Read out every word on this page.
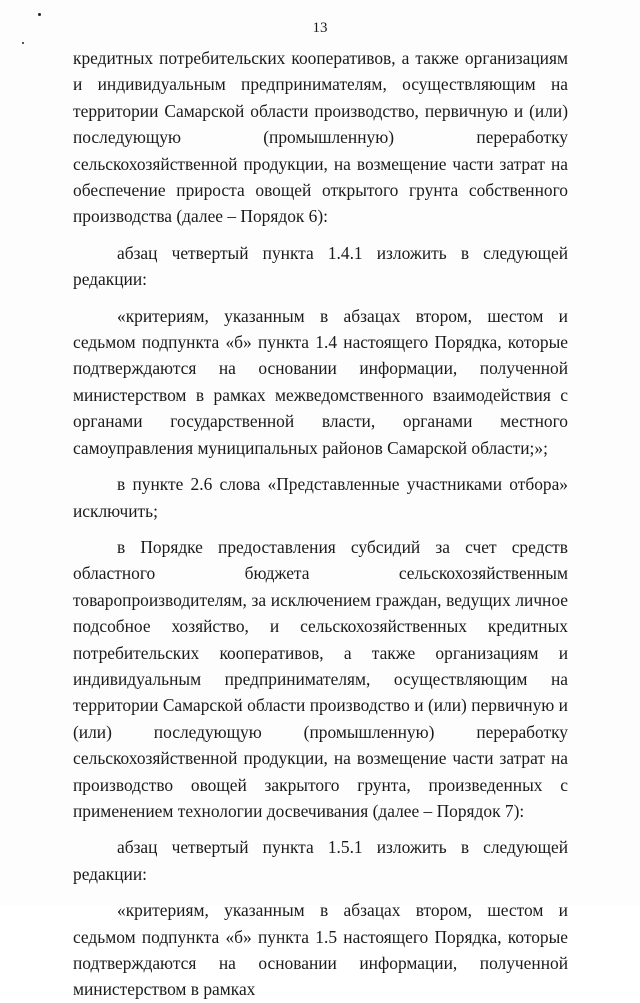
13

кредитных потребительских кооперативов, а также организациям и индивидуальным предпринимателям, осуществляющим на территории Самарской области производство, первичную и (или) последующую (промышленную) переработку сельскохозяйственной продукции, на возмещение части затрат на обеспечение прироста овощей открытого грунта собственного производства (далее – Порядок 6):

абзац четвертый пункта 1.4.1 изложить в следующей редакции:

«критериям, указанным в абзацах втором, шестом и седьмом подпункта «б» пункта 1.4 настоящего Порядка, которые подтверждаются на основании информации, полученной министерством в рамках межведомственного взаимодействия с органами государственной власти, органами местного самоуправления муниципальных районов Самарской области;»;

в пункте 2.6 слова «Представленные участниками отбора» исключить;

в Порядке предоставления субсидий за счет средств областного бюджета сельскохозяйственным товаропроизводителям, за исключением граждан, ведущих личное подсобное хозяйство, и сельскохозяйственных кредитных потребительских кооперативов, а также организациям и индивидуальным предпринимателям, осуществляющим на территории Самарской области производство и (или) первичную и (или) последующую (промышленную) переработку сельскохозяйственной продукции, на возмещение части затрат на производство овощей закрытого грунта, произведенных с применением технологии досвечивания (далее – Порядок 7):

абзац четвертый пункта 1.5.1 изложить в следующей редакции:

«критериям, указанным в абзацах втором, шестом и седьмом подпункта «б» пункта 1.5 настоящего Порядка, которые подтверждаются на основании информации, полученной министерством в рамках
